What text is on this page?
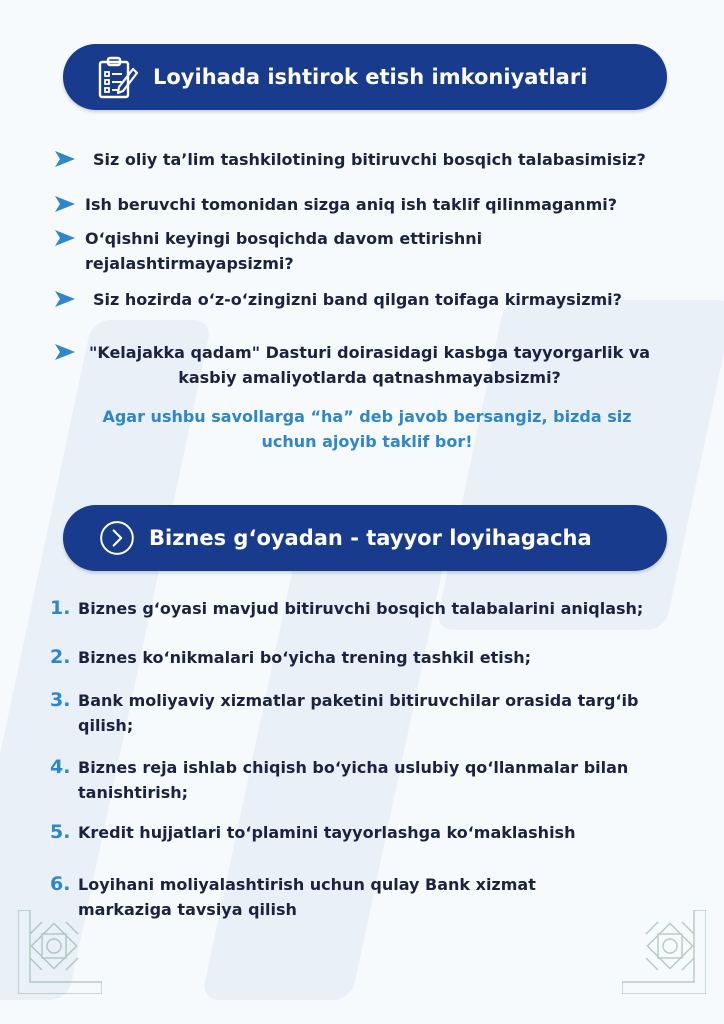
Loyihada ishtirok etish imkoniyatlari
Siz oliy ta’lim tashkilotining bitiruvchi bosqich talabasimisiz?
Ish beruvchi tomonidan sizga aniq ish taklif qilinmaganmi?
O‘qishni keyingi bosqichda davom ettirishni
rejalashtirmayapsizmi?
Siz hozirda o‘z-o‘zingizni band qilgan toifaga kirmaysizmi?
"Kelajakka qadam" Dasturi doirasidagi kasbga tayyorgarlik va
kasbiy amaliyotlarda qatnashmayabsizmi?
Agar ushbu savollarga “ha” deb javob bersangiz, bizda siz
uchun ajoyib taklif bor!
Biznes g‘oyadan - tayyor loyihagacha
1. Biznes g‘oyasi mavjud bitiruvchi bosqich talabalarini aniqlash;
2. Biznes ko‘nikmalari bo‘yicha trening tashkil etish;
3. Bank moliyaviy xizmatlar paketini bitiruvchilar orasida targ‘ib
qilish;
4. Biznes reja ishlab chiqish bo‘yicha uslubiy qo‘llanmalar bilan
tanishtirish;
5. Kredit hujjatlari to‘plamini tayyorlashga ko‘maklashish
6. Loyihani moliyalashtirish uchun qulay Bank xizmat
markaziga tavsiya qilish
